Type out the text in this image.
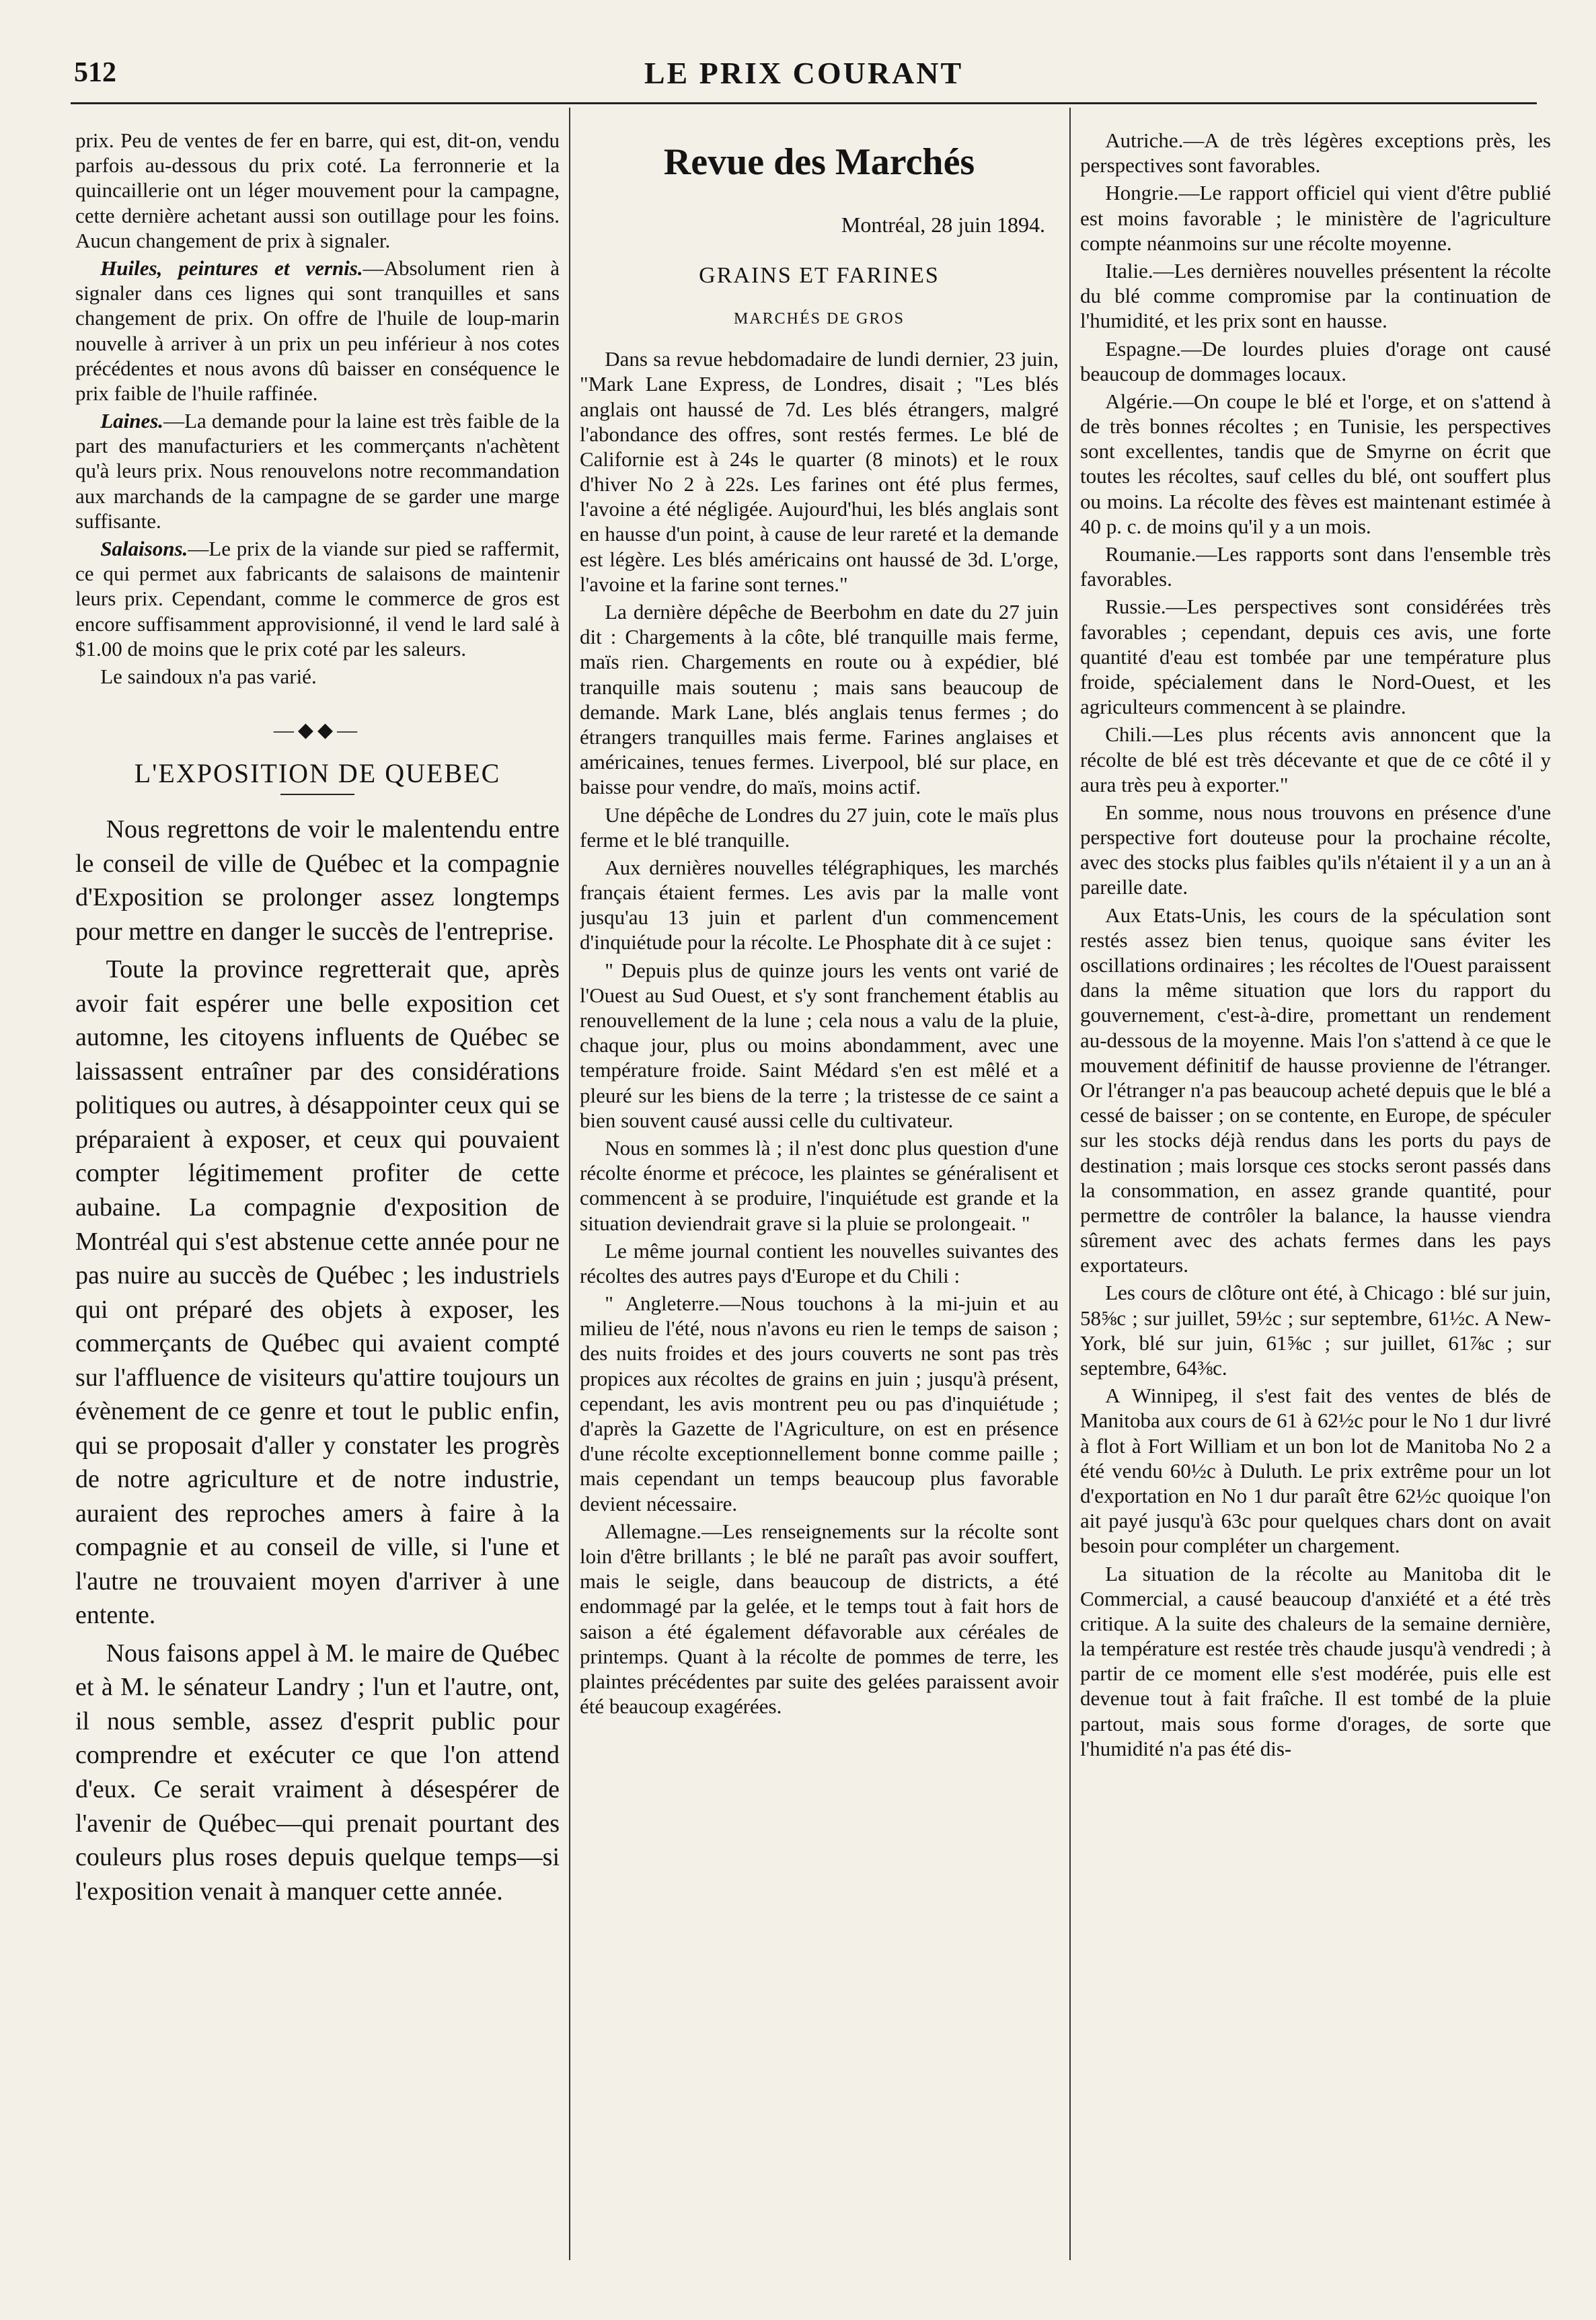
512	LE PRIX COURANT

prix. Peu de ventes de fer en barre, qui est, dit-on, vendu parfois au-dessous du prix coté. La ferronnerie et la quincaillerie ont un léger mouvement pour la campagne, cette dernière achetant aussi son outillage pour les foins. Aucun changement de prix à signaler.

Huiles, peintures et vernis.—Absolument rien à signaler dans ces lignes qui sont tranquilles et sans changement de prix. On offre de l'huile de loup-marin nouvelle à arriver à un prix un peu inférieur à nos cotes précédentes et nous avons dû baisser en conséquence le prix faible de l'huile raffinée.

Laines.—La demande pour la laine est très faible de la part des manufacturiers et les commerçants n'achètent qu'à leurs prix. Nous renouvelons notre recommandation aux marchands de la campagne de se garder une marge suffisante.

Salaisons.—Le prix de la viande sur pied se raffermit, ce qui permet aux fabricants de salaisons de maintenir leurs prix. Cependant, comme le commerce de gros est encore suffisamment approvisionné, il vend le lard salé à $1.00 de moins que le prix coté par les saleurs.

Le saindoux n'a pas varié.

—◆◆—
L'EXPOSITION DE QUEBEC

Nous regrettons de voir le malentendu entre le conseil de ville de Québec et la compagnie d'Exposition se prolonger assez longtemps pour mettre en danger le succès de l'entreprise.

Toute la province regretterait que, après avoir fait espérer une belle exposition cet automne, les citoyens influents de Québec se laissassent entraîner par des considérations politiques ou autres, à désappointer ceux qui se préparaient à exposer, et ceux qui pouvaient compter légitimement profiter de cette aubaine. La compagnie d'exposition de Montréal qui s'est abstenue cette année pour ne pas nuire au succès de Québec ; les industriels qui ont préparé des objets à exposer, les commerçants de Québec qui avaient compté sur l'affluence de visiteurs qu'attire toujours un évènement de ce genre et tout le public enfin, qui se proposait d'aller y constater les progrès de notre agriculture et de notre industrie, auraient des reproches amers à faire à la compagnie et au conseil de ville, si l'une et l'autre ne trouvaient moyen d'arriver à une entente.

Nous faisons appel à M. le maire de Québec et à M. le sénateur Landry ; l'un et l'autre, ont, il nous semble, assez d'esprit public pour comprendre et exécuter ce que l'on attend d'eux. Ce serait vraiment à désespérer de l'avenir de Québec—qui prenait pourtant des couleurs plus roses depuis quelque temps—si l'exposition venait à manquer cette année.

Revue des Marchés
Montréal, 28 juin 1894.
GRAINS ET FARINES
MARCHÉS DE GROS

Dans sa revue hebdomadaire de lundi dernier, 23 juin, "Mark Lane Express, de Londres, disait ; "Les blés anglais ont haussé de 7d. Les blés étrangers, malgré l'abondance des offres, sont restés fermes. Le blé de Californie est à 24s le quarter (8 minots) et le roux d'hiver No 2 à 22s. Les farines ont été plus fermes, l'avoine a été négligée. Aujourd'hui, les blés anglais sont en hausse d'un point, à cause de leur rareté et la demande est légère. Les blés américains ont haussé de 3d. L'orge, l'avoine et la farine sont ternes."

La dernière dépêche de Beerbohm en date du 27 juin dit : Chargements à la côte, blé tranquille mais ferme, maïs rien. Chargements en route ou à expédier, blé tranquille mais soutenu ; mais sans beaucoup de demande. Mark Lane, blés anglais tenus fermes ; do étrangers tranquilles mais ferme. Farines anglaises et américaines, tenues fermes. Liverpool, blé sur place, en baisse pour vendre, do maïs, moins actif.

Une dépêche de Londres du 27 juin, cote le maïs plus ferme et le blé tranquille.

Aux dernières nouvelles télégraphiques, les marchés français étaient fermes. Les avis par la malle vont jusqu'au 13 juin et parlent d'un commencement d'inquiétude pour la récolte. Le Phosphate dit à ce sujet :

" Depuis plus de quinze jours les vents ont varié de l'Ouest au Sud Ouest, et s'y sont franchement établis au renouvellement de la lune ; cela nous a valu de la pluie, chaque jour, plus ou moins abondamment, avec une température froide. Saint Médard s'en est mêlé et a pleuré sur les biens de la terre ; la tristesse de ce saint a bien souvent causé aussi celle du cultivateur.

Nous en sommes là ; il n'est donc plus question d'une récolte énorme et précoce, les plaintes se généralisent et commencent à se produire, l'inquiétude est grande et la situation deviendrait grave si la pluie se prolongeait. "

Le même journal contient les nouvelles suivantes des récoltes des autres pays d'Europe et du Chili :

" Angleterre.—Nous touchons à la mi-juin et au milieu de l'été, nous n'avons eu rien le temps de saison ; des nuits froides et des jours couverts ne sont pas très propices aux récoltes de grains en juin ; jusqu'à présent, cependant, les avis montrent peu ou pas d'inquiétude ; d'après la Gazette de l'Agriculture, on est en présence d'une récolte exceptionnellement bonne comme paille ; mais cependant un temps beaucoup plus favorable devient nécessaire.

Allemagne.—Les renseignements sur la récolte sont loin d'être brillants ; le blé ne paraît pas avoir souffert, mais le seigle, dans beaucoup de districts, a été endommagé par la gelée, et le temps tout à fait hors de saison a été également défavorable aux céréales de printemps. Quant à la récolte de pommes de terre, les plaintes précédentes par suite des gelées paraissent avoir été beaucoup exagérées.

Autriche.—A de très légères exceptions près, les perspectives sont favorables.

Hongrie.—Le rapport officiel qui vient d'être publié est moins favorable ; le ministère de l'agriculture compte néanmoins sur une récolte moyenne.

Italie.—Les dernières nouvelles présentent la récolte du blé comme compromise par la continuation de l'humidité, et les prix sont en hausse.

Espagne.—De lourdes pluies d'orage ont causé beaucoup de dommages locaux.

Algérie.—On coupe le blé et l'orge, et on s'attend à de très bonnes récoltes ; en Tunisie, les perspectives sont excellentes, tandis que de Smyrne on écrit que toutes les récoltes, sauf celles du blé, ont souffert plus ou moins. La récolte des fèves est maintenant estimée à 40 p. c. de moins qu'il y a un mois.

Roumanie.—Les rapports sont dans l'ensemble très favorables.

Russie.—Les perspectives sont considérées très favorables ; cependant, depuis ces avis, une forte quantité d'eau est tombée par une température plus froide, spécialement dans le Nord-Ouest, et les agriculteurs commencent à se plaindre.

Chili.—Les plus récents avis annoncent que la récolte de blé est très décevante et que de ce côté il y aura très peu à exporter."

En somme, nous nous trouvons en présence d'une perspective fort douteuse pour la prochaine récolte, avec des stocks plus faibles qu'ils n'étaient il y a un an à pareille date.

Aux Etats-Unis, les cours de la spéculation sont restés assez bien tenus, quoique sans éviter les oscillations ordinaires ; les récoltes de l'Ouest paraissent dans la même situation que lors du rapport du gouvernement, c'est-à-dire, promettant un rendement au-dessous de la moyenne. Mais l'on s'attend à ce que le mouvement définitif de hausse provienne de l'étranger. Or l'étranger n'a pas beaucoup acheté depuis que le blé a cessé de baisser ; on se contente, en Europe, de spéculer sur les stocks déjà rendus dans les ports du pays de destination ; mais lorsque ces stocks seront passés dans la consommation, en assez grande quantité, pour permettre de contrôler la balance, la hausse viendra sûrement avec des achats fermes dans les pays exportateurs.

Les cours de clôture ont été, à Chicago : blé sur juin, 58⅝c ; sur juillet, 59½c ; sur septembre, 61½c. A New-York, blé sur juin, 61⅝c ; sur juillet, 61⅞c ; sur septembre, 64⅜c.

A Winnipeg, il s'est fait des ventes de blés de Manitoba aux cours de 61 à 62½c pour le No 1 dur livré à flot à Fort William et un bon lot de Manitoba No 2 a été vendu 60½c à Duluth. Le prix extrême pour un lot d'exportation en No 1 dur paraît être 62½c quoique l'on ait payé jusqu'à 63c pour quelques chars dont on avait besoin pour compléter un chargement.

La situation de la récolte au Manitoba dit le Commercial, a causé beaucoup d'anxiété et a été très critique. A la suite des chaleurs de la semaine dernière, la température est restée très chaude jusqu'à vendredi ; à partir de ce moment elle s'est modérée, puis elle est devenue tout à fait fraîche. Il est tombé de la pluie partout, mais sous forme d'orages, de sorte que l'humidité n'a pas été dis-
